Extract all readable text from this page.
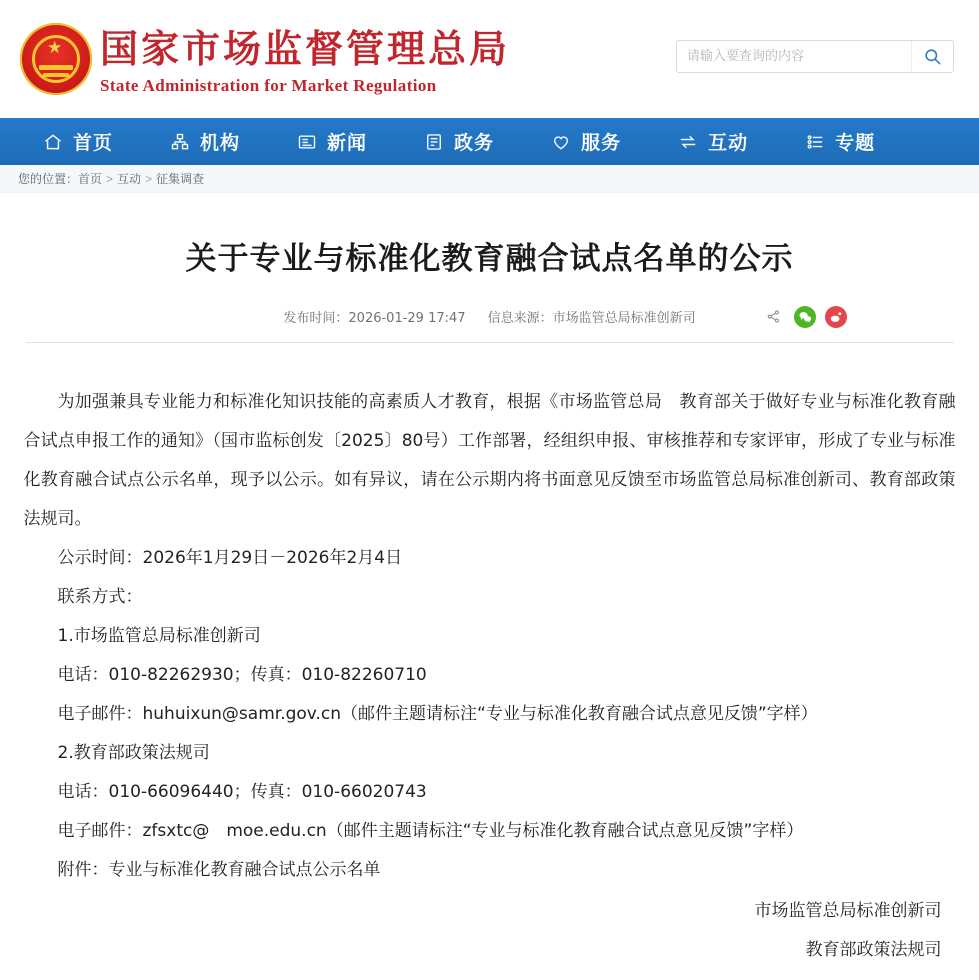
★ 国家市场监督管理总局
State Administration for Market Regulation
请输入要查询的内容
首页	机构	新闻	政务	服务	互动	专题
您的位置： 首页 > 互动 > 征集调查
关于专业与标准化教育融合试点名单的公示
发布时间：2026-01-29 17:47 信息来源：市场监管总局标准创新司

为加强兼具专业能力和标准化知识技能的高素质人才教育，根据《市场监管总局　教育部关于做好专业与标准化教育融合试点申报工作的通知》（国市监标创发〔2025〕80号）工作部署，经组织申报、审核推荐和专家评审，形成了专业与标准化教育融合试点公示名单，现予以公示。如有异议，请在公示期内将书面意见反馈至市场监管总局标准创新司、教育部政策法规司。

公示时间：2026年1月29日－2026年2月4日

联系方式：

1.市场监管总局标准创新司

电话：010-82262930；传真：010-82260710

电子邮件：huhuixun@samr.gov.cn（邮件主题请标注“专业与标准化教育融合试点意见反馈”字样）

2.教育部政策法规司

电话：010-66096440；传真：010-66020743

电子邮件：zfsxtc@　moe.edu.cn（邮件主题请标注“专业与标准化教育融合试点意见反馈”字样）

附件：专业与标准化教育融合试点公示名单

市场监管总局标准创新司
教育部政策法规司
